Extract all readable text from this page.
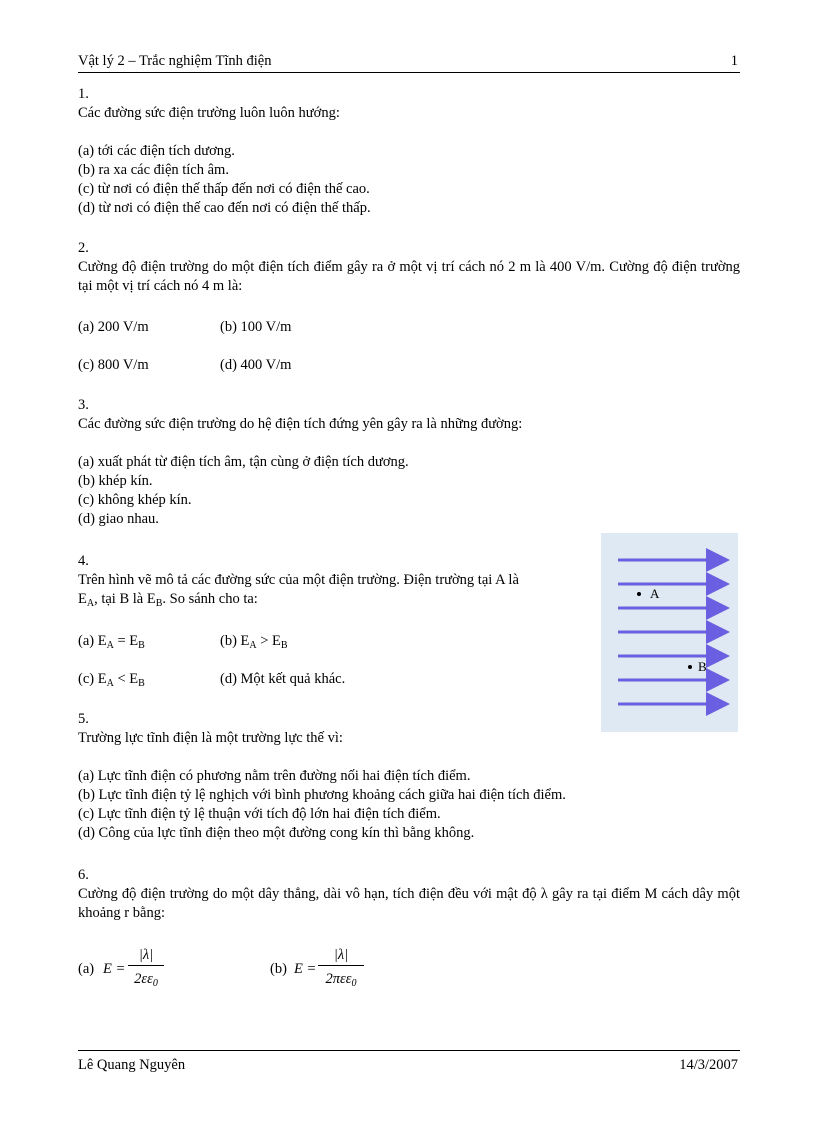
Vật lý 2 – Trắc nghiệm Tĩnh điện	1
1.
Các đường sức điện trường luôn luôn hướng:
(a) tới các điện tích dương.
(b) ra xa các điện tích âm.
(c) từ nơi có điện thế thấp đến nơi có điện thế cao.
(d) từ nơi có điện thế cao đến nơi có điện thế thấp.
2.
Cường độ điện trường do một điện tích điểm gây ra ở một vị trí cách nó 2 m là 400 V/m. Cường độ điện trường tại một vị trí cách nó 4 m là:
(a) 200 V/m	(b) 100 V/m
(c) 800 V/m	(d) 400 V/m
3.
Các đường sức điện trường do hệ điện tích đứng yên gây ra là những đường:
(a) xuất phát từ điện tích âm, tận cùng ở điện tích dương.
(b) khép kín.
(c) không khép kín.
(d) giao nhau.
4.
Trên hình vẽ mô tả các đường sức của một điện trường. Điện trường tại A là
$E_A$, tại B là $E_B$. So sánh cho ta:
(a) $E_A = E_B$	(b) $E_A > E_B$
(c) $E_A < E_B$	(d) Một kết quả khác.
A
B
5.
Trường lực tĩnh điện là một trường lực thế vì:
(a) Lực tĩnh điện có phương nằm trên đường nối hai điện tích điểm.
(b) Lực tĩnh điện tỷ lệ nghịch với bình phương khoảng cách giữa hai điện tích điểm.
(c) Lực tĩnh điện tỷ lệ thuận với tích độ lớn hai điện tích điểm.
(d) Công của lực tĩnh điện theo một đường cong kín thì bằng không.
6.
Cường độ điện trường do một dây thẳng, dài vô hạn, tích điện đều với mật độ λ gây ra tại điểm M cách dây một khoảng r bằng:
(a) E =
|λ|
$2\varepsilon\varepsilon_0$
(b) E =
|λ|
2πεε$_0$
Lê Quang Nguyên	14/3/2007
